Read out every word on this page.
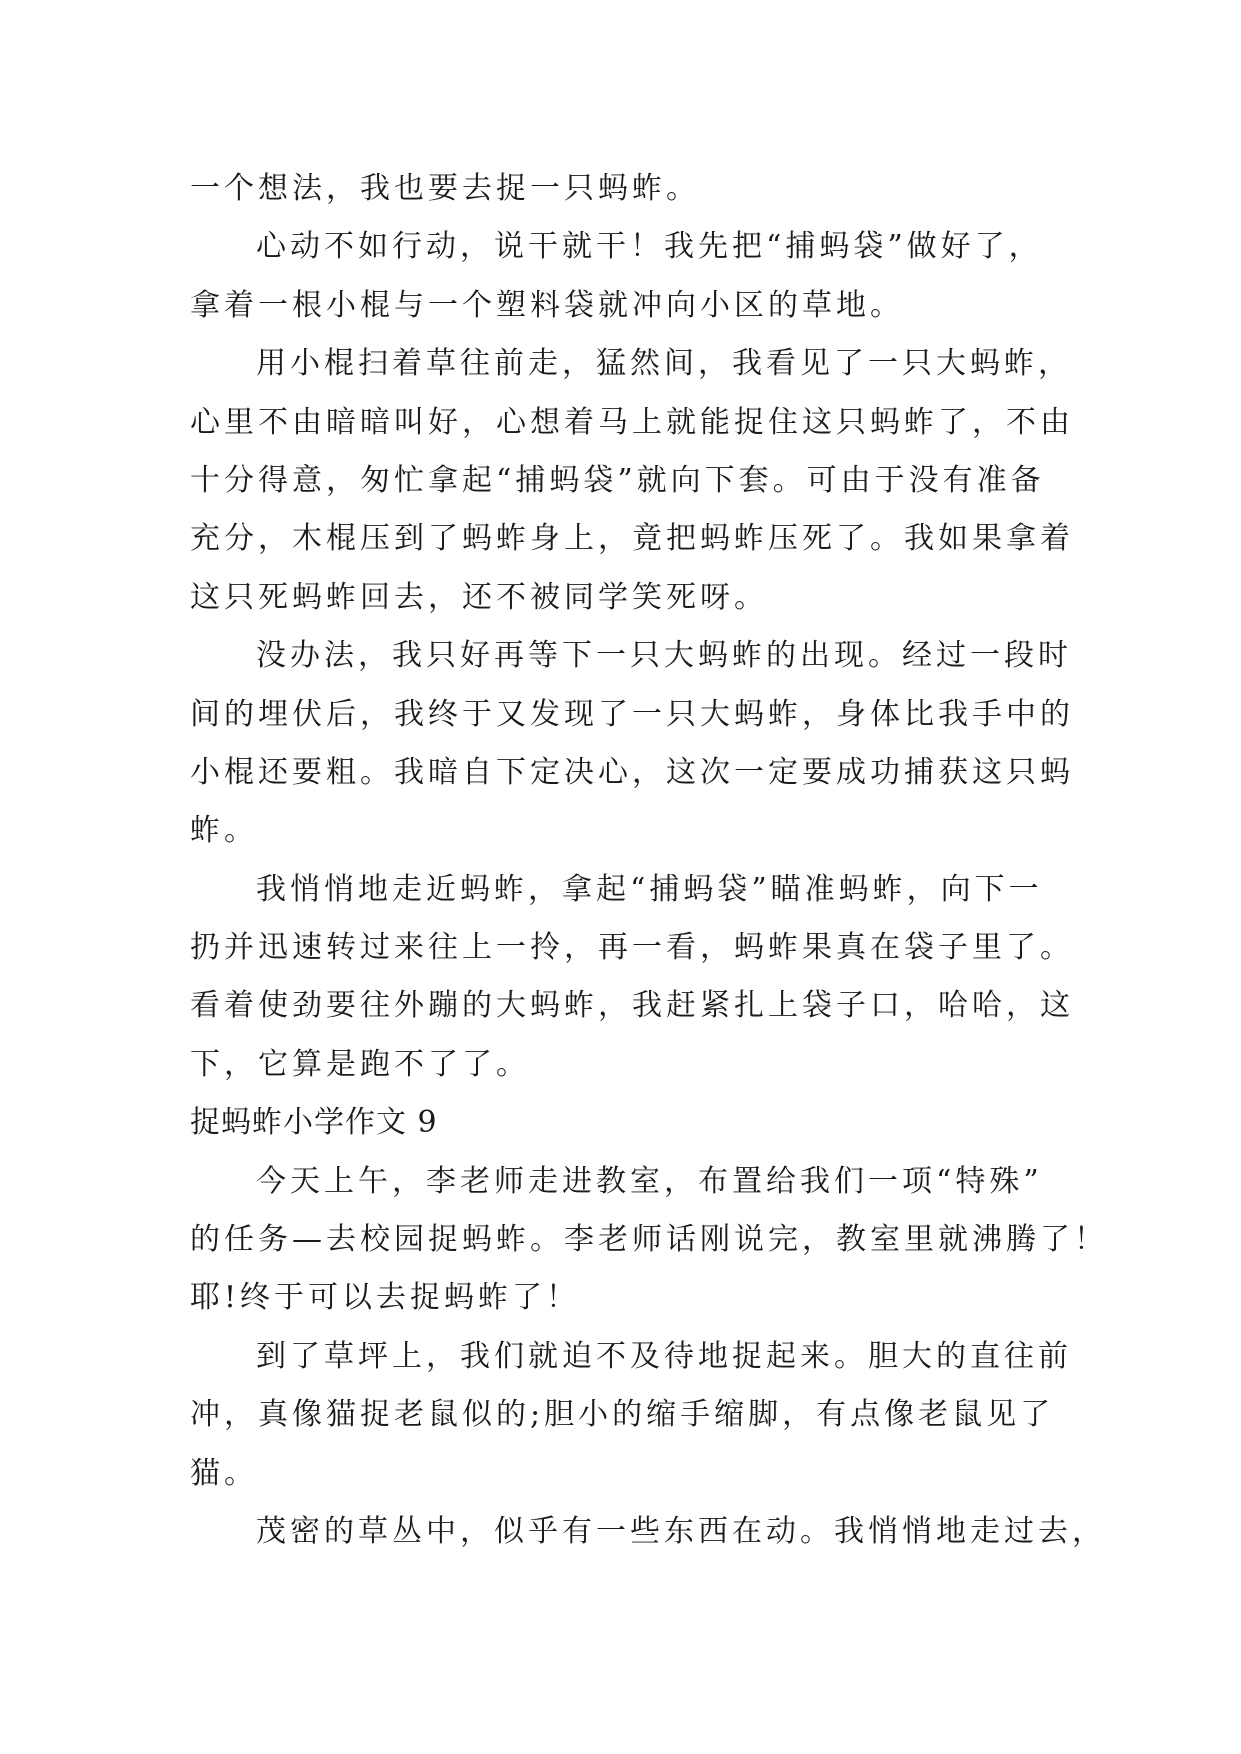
一个想法，我也要去捉一只蚂蚱。
心动不如行动，说干就干！我先把“捕蚂袋”做好了，
拿着一根小棍与一个塑料袋就冲向小区的草地。
用小棍扫着草往前走，猛然间，我看见了一只大蚂蚱，
心里不由暗暗叫好，心想着马上就能捉住这只蚂蚱了，不由
十分得意，匆忙拿起“捕蚂袋”就向下套。可由于没有准备
充分，木棍压到了蚂蚱身上，竟把蚂蚱压死了。我如果拿着
这只死蚂蚱回去，还不被同学笑死呀。
没办法，我只好再等下一只大蚂蚱的出现。经过一段时
间的埋伏后，我终于又发现了一只大蚂蚱，身体比我手中的
小棍还要粗。我暗自下定决心，这次一定要成功捕获这只蚂
蚱。
我悄悄地走近蚂蚱，拿起“捕蚂袋”瞄准蚂蚱，向下一
扔并迅速转过来往上一拎，再一看，蚂蚱果真在袋子里了。
看着使劲要往外蹦的大蚂蚱，我赶紧扎上袋子口，哈哈，这
下，它算是跑不了了。
捉蚂蚱小学作文 9
今天上午，李老师走进教室，布置给我们一项“特殊”
的任务—去校园捉蚂蚱。李老师话刚说完，教室里就沸腾了！
耶!终于可以去捉蚂蚱了！
到了草坪上，我们就迫不及待地捉起来。胆大的直往前
冲，真像猫捉老鼠似的;胆小的缩手缩脚，有点像老鼠见了
猫。
茂密的草丛中，似乎有一些东西在动。我悄悄地走过去，
